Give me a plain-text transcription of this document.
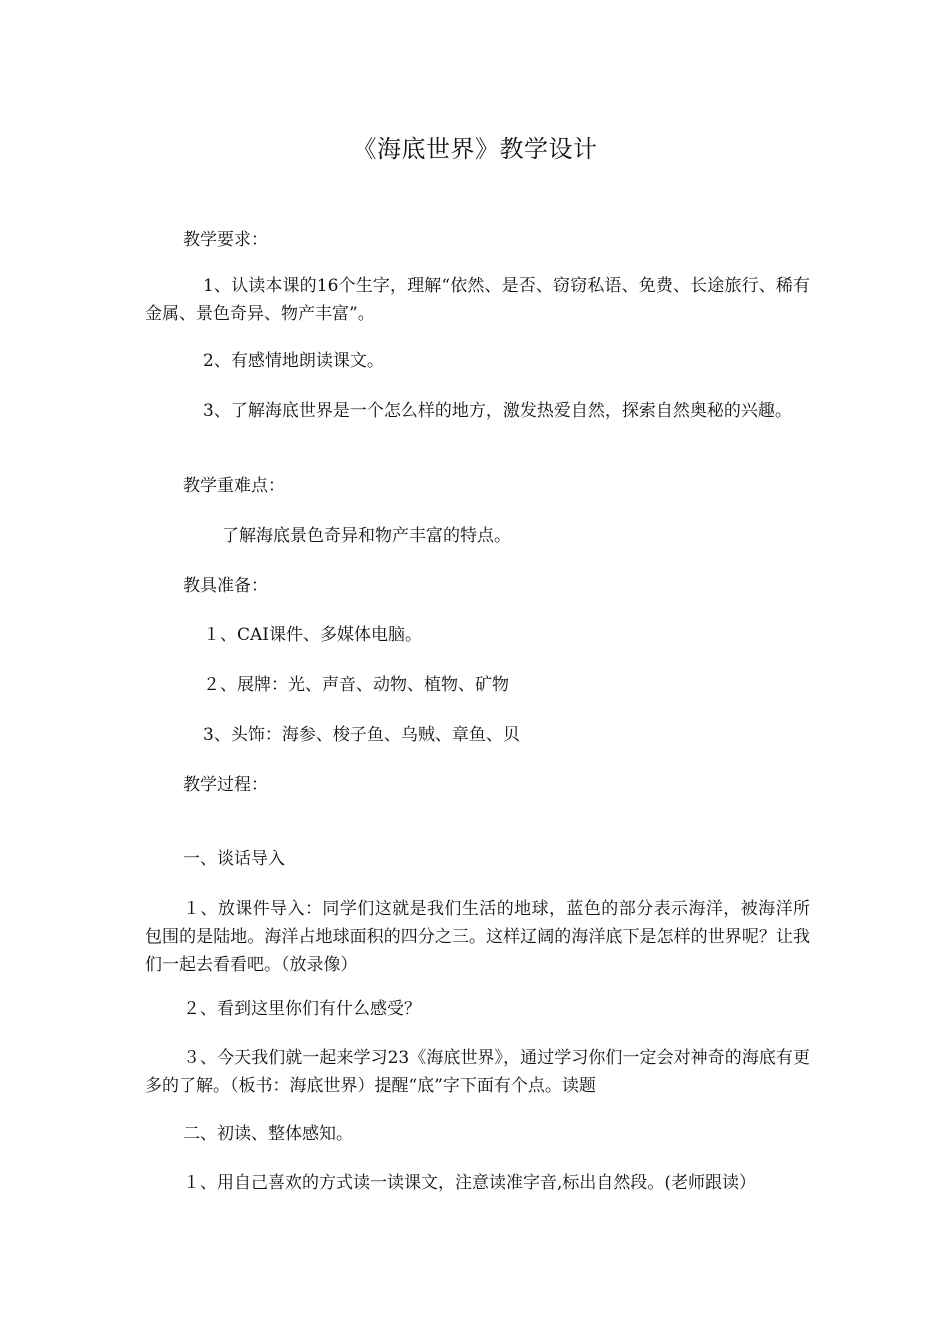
《海底世界》教学设计
教学要求：
1、认读本课的16个生字，理解“依然、是否、窃窃私语、免费、长途旅行、稀有金属、景色奇异、物产丰富”。
2、有感情地朗读课文。
3、了解海底世界是一个怎么样的地方，激发热爱自然，探索自然奥秘的兴趣。
教学重难点：
了解海底景色奇异和物产丰富的特点。
教具准备：
１、CAI课件、多媒体电脑。
２、展牌：光、声音、动物、植物、矿物
3、头饰：海参、梭子鱼、乌贼、章鱼、贝
教学过程：
一、谈话导入
１、放课件导入：同学们这就是我们生活的地球，蓝色的部分表示海洋，被海洋所包围的是陆地。海洋占地球面积的四分之三。这样辽阔的海洋底下是怎样的世界呢？让我们一起去看看吧。（放录像）
２、看到这里你们有什么感受？
３、今天我们就一起来学习23《海底世界》，通过学习你们一定会对神奇的海底有更多的了解。（板书：海底世界）提醒“底”字下面有个点。读题
二、初读、整体感知。
１、用自己喜欢的方式读一读课文，注意读准字音,标出自然段。(老师跟读）
